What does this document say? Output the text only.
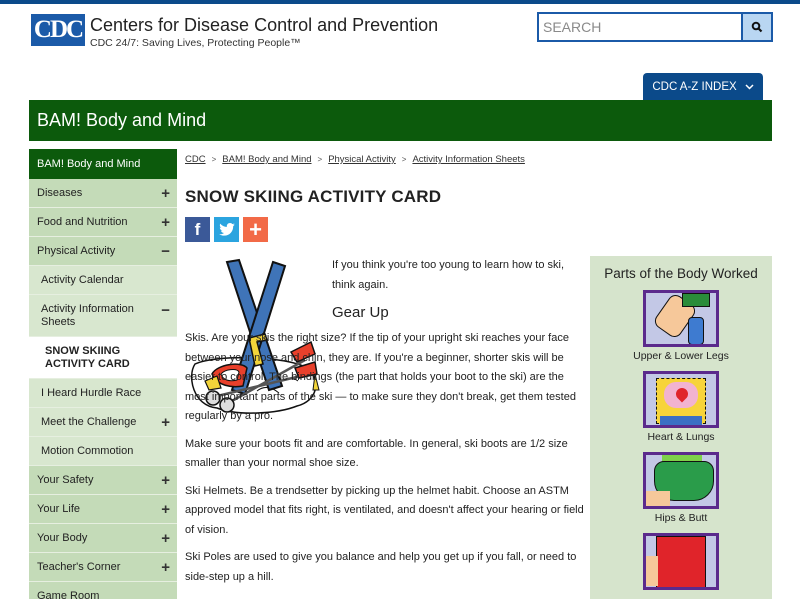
CDC Centers for Disease Control and Prevention
CDC 24/7: Saving Lives, Protecting People™
SEARCH
CDC A-Z INDEX
BAM! Body and Mind
BAM! Body and Mind
Diseases	+
Food and Nutrition +
Physical Activity	−
Activity Calendar
Activity Information Sheets
−
SNOW SKIING ACTIVITY CARD
I Heard Hurdle Race
Meet the Challenge +
Motion Commotion
Your Safety	+
Your Life	+
Your Body	+
Teacher's Corner	+
Game Room
CDC > BAM! Body and Mind > Physical Activity > Activity Information Sheets
SNOW SKIING ACTIVITY CARD
f +

If you think you're too young to learn how to ski, think again.

Gear Up

Skis. Are your skis the right size? If the tip of your upright ski reaches your face between your nose and chin, they are. If you're a beginner, shorter skis will be easier to control. The bindings (the part that holds your boot to the ski) are the most important parts of the ski — to make sure they don't break, get them tested regularly by a pro.

Make sure your boots fit and are comfortable. In general, ski boots are 1/2 size smaller than your normal shoe size.

Ski Helmets. Be a trendsetter by picking up the helmet habit. Choose an ASTM approved model that fits right, is ventilated, and doesn't affect your hearing or field of vision.

Ski Poles are used to give you balance and help you get up if you fall, or need to side-step up a hill.

Parts of the Body Worked
Upper & Lower Legs
Heart & Lungs
Hips & Butt
